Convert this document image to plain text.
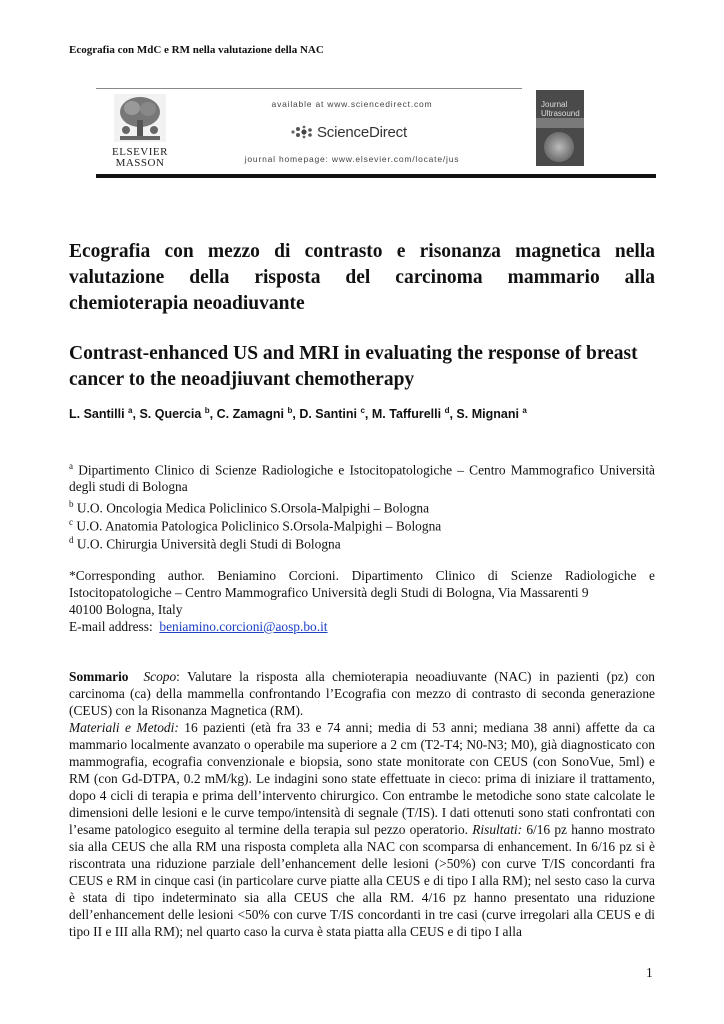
Ecografia con MdC e RM nella valutazione della NAC
ELSEVIER
MASSON
available at www.sciencedirect.com
ScienceDirect
journal homepage: www.elsevier.com/locate/jus
Journal
Ultrasound
Ecografia con mezzo di contrasto e risonanza magnetica nella valutazione della risposta del carcinoma mammario alla chemioterapia neoadiuvante
Contrast-enhanced US and MRI in evaluating the response of breast cancer to the neoadjiuvant chemotherapy
L. Santilli $^a$, S. Quercia $^b$, C. Zamagni $^b$, D. Santini $^c$, M. Taffurelli $^d$, S. Mignani $^a$
$^a$ Dipartimento Clinico di Scienze Radiologiche e Istocitopatologiche – Centro Mammografico Università degli studi di Bologna
$^b$ U.O. Oncologia Medica Policlinico S.Orsola-Malpighi – Bologna
$^c$ U.O. Anatomia Patologica Policlinico S.Orsola-Malpighi – Bologna
$^d$ U.O. Chirurgia Università degli Studi di Bologna
*Corresponding author. Beniamino Corcioni. Dipartimento Clinico di Scienze Radiologiche e Istocitopatologiche – Centro Mammografico Università degli Studi di Bologna, Via Massarenti 9
40100 Bologna, Italy
E-mail address: beniamino.corcioni@aosp.bo.it
Sommario Scopo: Valutare la risposta alla chemioterapia neoadiuvante (NAC) in pazienti (pz) con carcinoma (ca) della mammella confrontando l’Ecografia con mezzo di contrasto di seconda generazione (CEUS) con la Risonanza Magnetica (RM).
Materiali e Metodi: 16 pazienti (età fra 33 e 74 anni; media di 53 anni; mediana 38 anni) affette da ca mammario localmente avanzato o operabile ma superiore a 2 cm (T2-T4; N0-N3; M0), già diagnosticato con mammografia, ecografia convenzionale e biopsia, sono state monitorate con CEUS (con SonoVue, 5ml) e RM (con Gd-DTPA, 0.2 mM/kg). Le indagini sono state effettuate in cieco: prima di iniziare il trattamento, dopo 4 cicli di terapia e prima dell’intervento chirurgico. Con entrambe le metodiche sono state calcolate le dimensioni delle lesioni e le curve tempo/intensità di segnale (T/IS). I dati ottenuti sono stati confrontati con l’esame patologico eseguito al termine della terapia sul pezzo operatorio. Risultati: 6/16 pz hanno mostrato sia alla CEUS che alla RM una risposta completa alla NAC con scomparsa di enhancement. In 6/16 pz si è riscontrata una riduzione parziale dell’enhancement delle lesioni (>50%) con curve T/IS concordanti fra CEUS e RM in cinque casi (in particolare curve piatte alla CEUS e di tipo I alla RM); nel sesto caso la curva è stata di tipo indeterminato sia alla CEUS che alla RM. 4/16 pz hanno presentato una riduzione dell’enhancement delle lesioni <50% con curve T/IS concordanti in tre casi (curve irregolari alla CEUS e di tipo II e III alla RM); nel quarto caso la curva è stata piatta alla CEUS e di tipo I alla
1
